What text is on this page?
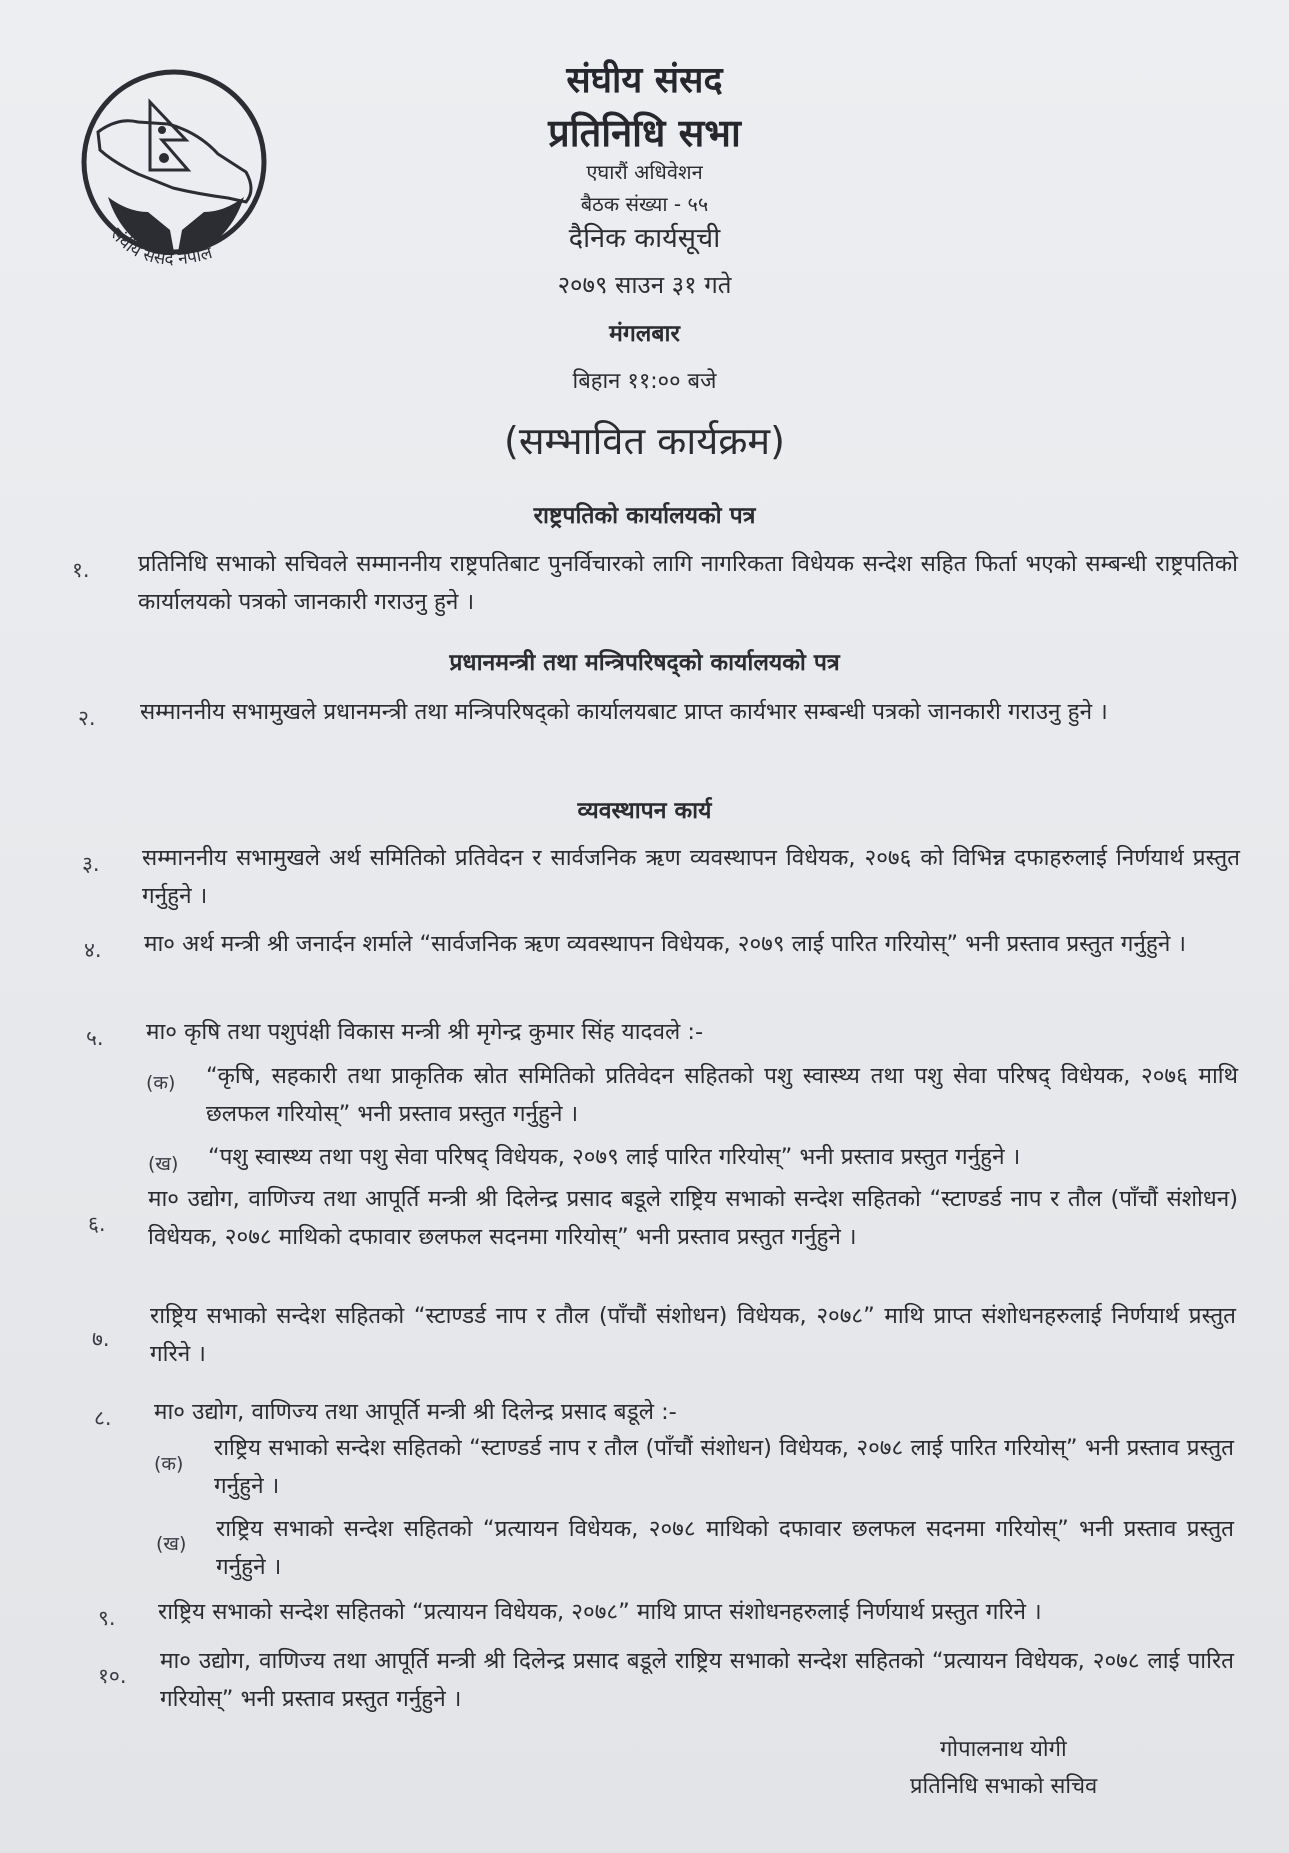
संघीय संसद नेपाल
संघीय संसद
प्रतिनिधि सभा
एघारौं अधिवेशन
बैठक संख्या - ५५
दैनिक कार्यसूची
२०७९ साउन ३१ गते
मंगलबार
बिहान ११:०० बजे
(सम्भावित कार्यक्रम)
राष्ट्रपतिको कार्यालयको पत्र
प्रधानमन्त्री तथा मन्त्रिपरिषद्को कार्यालयको पत्र
व्यवस्थापन कार्य
१. प्रतिनिधि सभाको सचिवले सम्माननीय राष्ट्रपतिबाट पुनर्विचारको लागि नागरिकता विधेयक सन्देश सहित फिर्ता भएको सम्बन्धी राष्ट्रपतिको कार्यालयको पत्रको जानकारी गराउनु हुने ।
२. सम्माननीय सभामुखले प्रधानमन्त्री तथा मन्त्रिपरिषद्को कार्यालयबाट प्राप्त कार्यभार सम्बन्धी पत्रको जानकारी गराउनु हुने ।
३. सम्माननीय सभामुखले अर्थ समितिको प्रतिवेदन र सार्वजनिक ऋण व्यवस्थापन विधेयक, २०७६ को विभिन्न दफाहरुलाई निर्णयार्थ प्रस्तुत गर्नुहुने ।
४. मा० अर्थ मन्त्री श्री जनार्दन शर्माले “सार्वजनिक ऋण व्यवस्थापन विधेयक, २०७९ लाई पारित गरियोस्” भनी प्रस्ताव प्रस्तुत गर्नुहुने ।
५. मा० कृषि तथा पशुपंक्षी विकास मन्त्री श्री मृगेन्द्र कुमार सिंह यादवले :-
(क) “कृषि, सहकारी तथा प्राकृतिक स्रोत समितिको प्रतिवेदन सहितको पशु स्वास्थ्य तथा पशु सेवा परिषद् विधेयक, २०७६ माथि छलफल गरियोस्” भनी प्रस्ताव प्रस्तुत गर्नुहुने ।
(ख) “पशु स्वास्थ्य तथा पशु सेवा परिषद् विधेयक, २०७९ लाई पारित गरियोस्” भनी प्रस्ताव प्रस्तुत गर्नुहुने ।
६.
मा० उद्योग, वाणिज्य तथा आपूर्ति मन्त्री श्री दिलेन्द्र प्रसाद बडूले राष्ट्रिय सभाको सन्देश सहितको “स्टाण्डर्ड नाप र तौल (पाँचौं संशोधन) विधेयक, २०७८ माथिको दफावार छलफल सदनमा गरियोस्” भनी प्रस्ताव प्रस्तुत गर्नुहुने ।
७.
राष्ट्रिय सभाको सन्देश सहितको “स्टाण्डर्ड नाप र तौल (पाँचौं संशोधन) विधेयक, २०७८” माथि प्राप्त संशोधनहरुलाई निर्णयार्थ प्रस्तुत गरिने ।
८. मा० उद्योग, वाणिज्य तथा आपूर्ति मन्त्री श्री दिलेन्द्र प्रसाद बडूले :-
(क)
राष्ट्रिय सभाको सन्देश सहितको “स्टाण्डर्ड नाप र तौल (पाँचौं संशोधन) विधेयक, २०७८ लाई पारित गरियोस्” भनी प्रस्ताव प्रस्तुत गर्नुहुने ।
(ख)
राष्ट्रिय सभाको सन्देश सहितको “प्रत्यायन विधेयक, २०७८ माथिको दफावार छलफल सदनमा गरियोस्” भनी प्रस्ताव प्रस्तुत गर्नुहुने ।
९. राष्ट्रिय सभाको सन्देश सहितको “प्रत्यायन विधेयक, २०७८” माथि प्राप्त संशोधनहरुलाई निर्णयार्थ प्रस्तुत गरिने ।
१०.
मा० उद्योग, वाणिज्य तथा आपूर्ति मन्त्री श्री दिलेन्द्र प्रसाद बडूले राष्ट्रिय सभाको सन्देश सहितको “प्रत्यायन विधेयक, २०७८ लाई पारित गरियोस्” भनी प्रस्ताव प्रस्तुत गर्नुहुने ।
गोपालनाथ योगी
प्रतिनिधि सभाको सचिव
